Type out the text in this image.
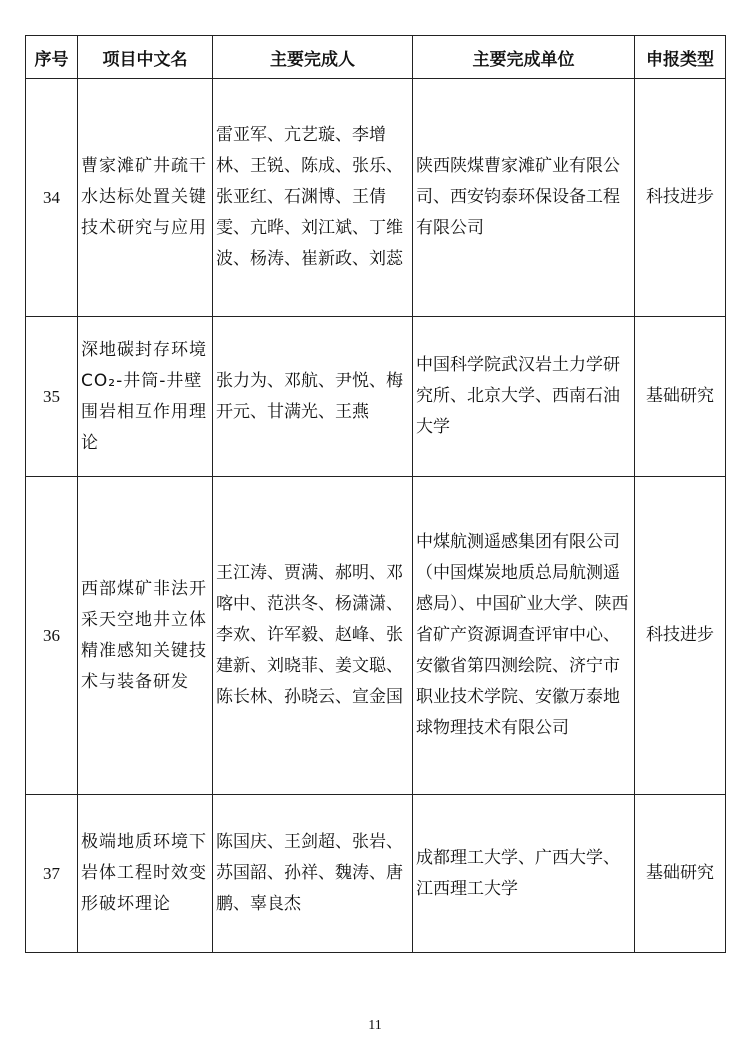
序号	项目中文名	主要完成人	主要完成单位	申报类型
34	曹家滩矿井疏干水达标处置关键技术研究与应用	雷亚军、亢艺璇、李增林、王锐、陈成、张乐、张亚红、石渊博、王倩雯、亢晔、刘江斌、丁维波、杨涛、崔新政、刘蕊	陕西陕煤曹家滩矿业有限公司、西安钧泰环保设备工程有限公司	科技进步
35	深地碳封存环境CO₂-井筒-井壁围岩相互作用理论	张力为、邓航、尹悦、梅开元、甘满光、王燕	中国科学院武汉岩土力学研究所、北京大学、西南石油大学	基础研究
36	西部煤矿非法开采天空地井立体精准感知关键技术与装备研发	王江涛、贾满、郝明、邓喀中、范洪冬、杨潇潇、李欢、许军毅、赵峰、张建新、刘晓菲、姜文聪、陈长林、孙晓云、宣金国	中煤航测遥感集团有限公司（中国煤炭地质总局航测遥感局）、中国矿业大学、陕西省矿产资源调查评审中心、安徽省第四测绘院、济宁市职业技术学院、安徽万泰地球物理技术有限公司	科技进步
37	极端地质环境下岩体工程时效变形破坏理论	陈国庆、王剑超、张岩、苏国韶、孙祥、魏涛、唐鹏、辜良杰	成都理工大学、广西大学、江西理工大学	基础研究
11
